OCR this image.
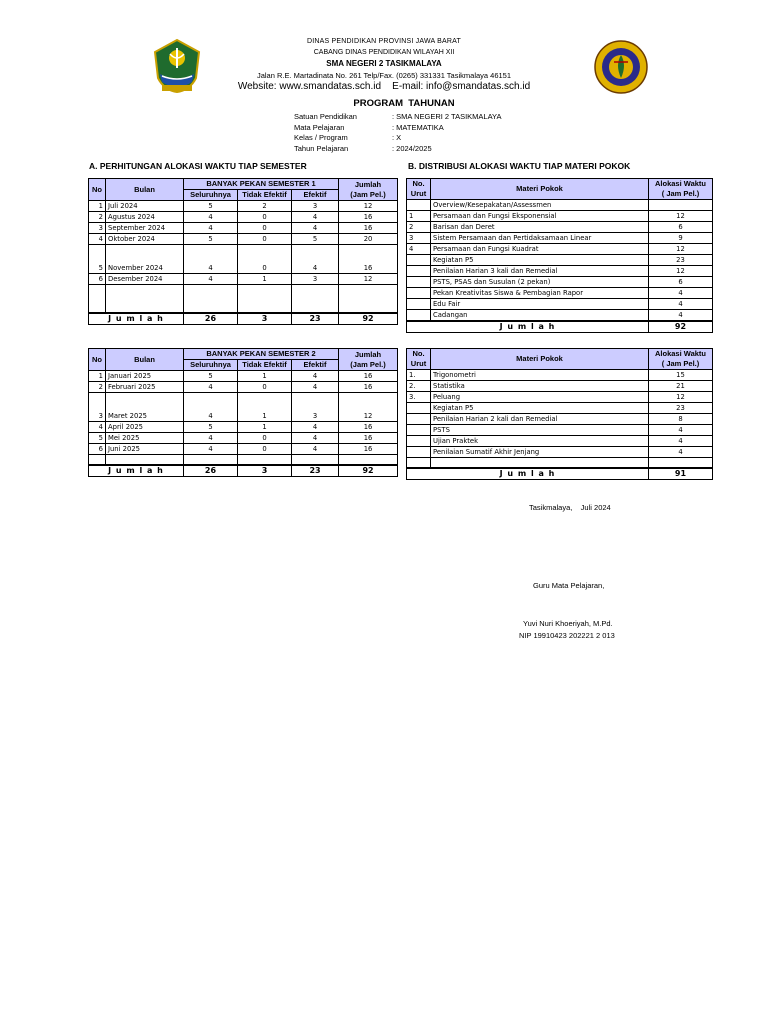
DINAS PENDIDIKAN PROVINSI JAWA BARAT
CABANG DINAS PENDIDIKAN WILAYAH XII
SMA NEGERI 2 TASIKMALAYA
Jalan R.E. Martadinata No. 261 Telp/Fax. (0265) 331331 Tasikmalaya 46151
Website: www.smandatas.sch.id    E-mail: info@smandatas.sch.id
PROGRAM  TAHUNAN
Satuan Pendidikan	: SMA NEGERI 2 TASIKMALAYA
Mata Pelajaran	: MATEMATIKA
Kelas / Program	: X
Tahun Pelajaran	: 2024/2025
A. PERHITUNGAN ALOKASI WAKTU TIAP SEMESTER	B. DISTRIBUSI ALOKASI WAKTU TIAP MATERI POKOK
No	Bulan	BANYAK PEKAN SEMESTER 1			Jumlah
(Jam Pel.)
		Seluruhnya	Tidak Efektif	Efektif	
1	Juli 2024	5	2	3	12
2	Agustus 2024	4	0	4	16
3	September 2024	4	0	4	16
4	Oktober 2024	5	0	5	20

5	November 2024	4	0	4	16
6	Desember 2024	4	1	3	12

J u m l a h		26	3	23	92
No.
Urut	Materi Pokok	Alokasi Waktu
( Jam Pel.)
	Overview/Kesepakatan/Assessmen	
1	Persamaan dan Fungsi Eksponensial	12
2	Barisan dan Deret	6
3	Sistem Persamaan dan Pertidaksamaan Linear	9
4	Persamaan dan Fungsi Kuadrat	12
	Kegiatan P5	23
	Penilaian Harian 3 kali dan Remedial	12
	PSTS, PSAS dan Susulan (2 pekan)	6
	Pekan Kreativitas Siswa & Pembagian Rapor	4
	Edu Fair	4
	Cadangan	4
J u m l a h		92
No	Bulan	BANYAK PEKAN SEMESTER 2			Jumlah
(Jam Pel.)
		Seluruhnya	Tidak Efektif	Efektif	
1	Januari 2025	5	1	4	16
2	Februari 2025	4	0	4	16

3	Maret 2025	4	1	3	12
4	April 2025	5	1	4	16
5	Mei 2025	4	0	4	16
6	Juni 2025	4	0	4	16

J u m l a h		26	3	23	92
No.
Urut	Materi Pokok	Alokasi Waktu
( Jam Pel.)
1.	Trigonometri	15
2.	Statistika	21
3.	Peluang	12
	Kegiatan P5	23
	Penilaian Harian 2 kali dan Remedial	8
	PSTS	4
	Ujian Praktek	4
	Penilaian Sumatif Akhir Jenjang	4

J u m l a h		91
Tasikmalaya,    Juli 2024
Guru Mata Pelajaran,
Yuvi Nuri Khoeriyah, M.Pd.
NIP 19910423 202221 2 013
